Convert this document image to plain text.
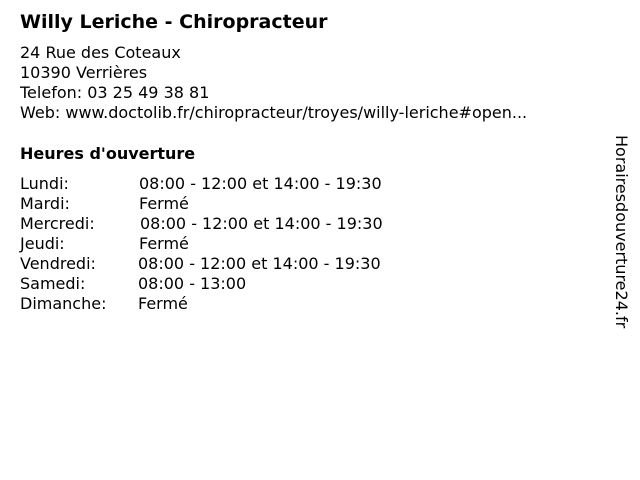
Willy Leriche - Chiropracteur
24 Rue des Coteaux
10390 Verrières
Telefon: 03 25 49 38 81
Web: www.doctolib.fr/chiropracteur/troyes/willy-leriche#open...
Heures d'ouverture
Lundi:	08:00 - 12:00 et 14:00 - 19:30
Mardi:	Fermé
Mercredi:	08:00 - 12:00 et 14:00 - 19:30
Jeudi:	Fermé
Vendredi:	08:00 - 12:00 et 14:00 - 19:30
Samedi:	08:00 - 13:00
Dimanche: Fermé	Horairesdouverture24.fr
